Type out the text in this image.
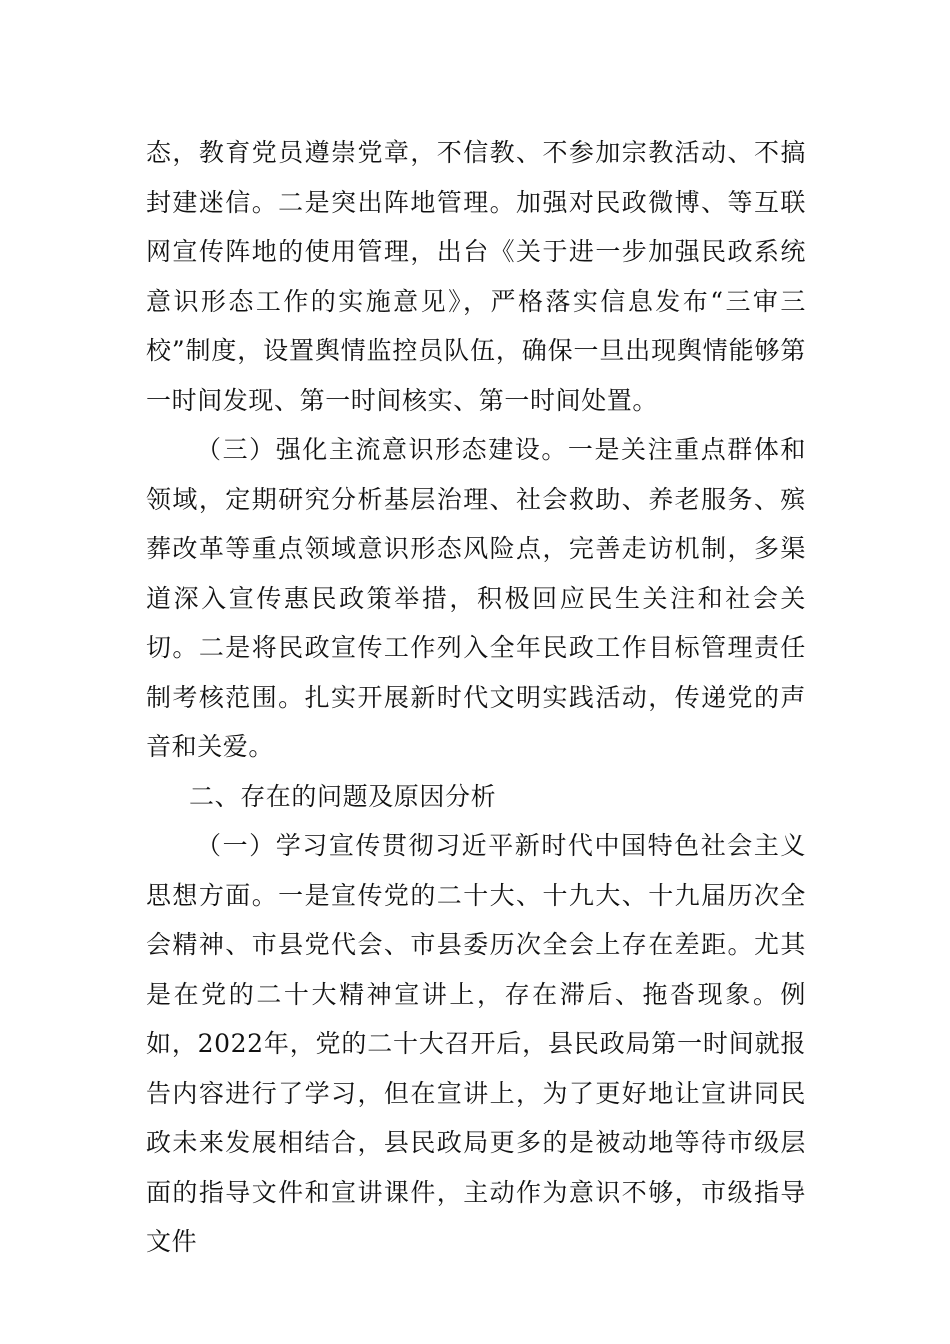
态，教育党员遵崇党章，不信教、不参加宗教活动、不搞封建迷信。二是突出阵地管理。加强对民政微博、等互联网宣传阵地的使用管理，出台《关于进一步加强民政系统意识形态工作的实施意见》，严格落实信息发布“三审三校”制度，设置舆情监控员队伍，确保一旦出现舆情能够第一时间发现、第一时间核实、第一时间处置。

（三）强化主流意识形态建设。一是关注重点群体和领域，定期研究分析基层治理、社会救助、养老服务、殡葬改革等重点领域意识形态风险点，完善走访机制，多渠道深入宣传惠民政策举措，积极回应民生关注和社会关切。二是将民政宣传工作列入全年民政工作目标管理责任制考核范围。扎实开展新时代文明实践活动，传递党的声音和关爱。

二、存在的问题及原因分析

（一）学习宣传贯彻习近平新时代中国特色社会主义思想方面。一是宣传党的二十大、十九大、十九届历次全会精神、市县党代会、市县委历次全会上存在差距。尤其是在党的二十大精神宣讲上，存在滞后、拖沓现象。例如，2022年，党的二十大召开后，县民政局第一时间就报告内容进行了学习，但在宣讲上，为了更好地让宣讲同民政未来发展相结合，县民政局更多的是被动地等待市级层面的指导文件和宣讲课件，主动作为意识不够，市级指导文件
